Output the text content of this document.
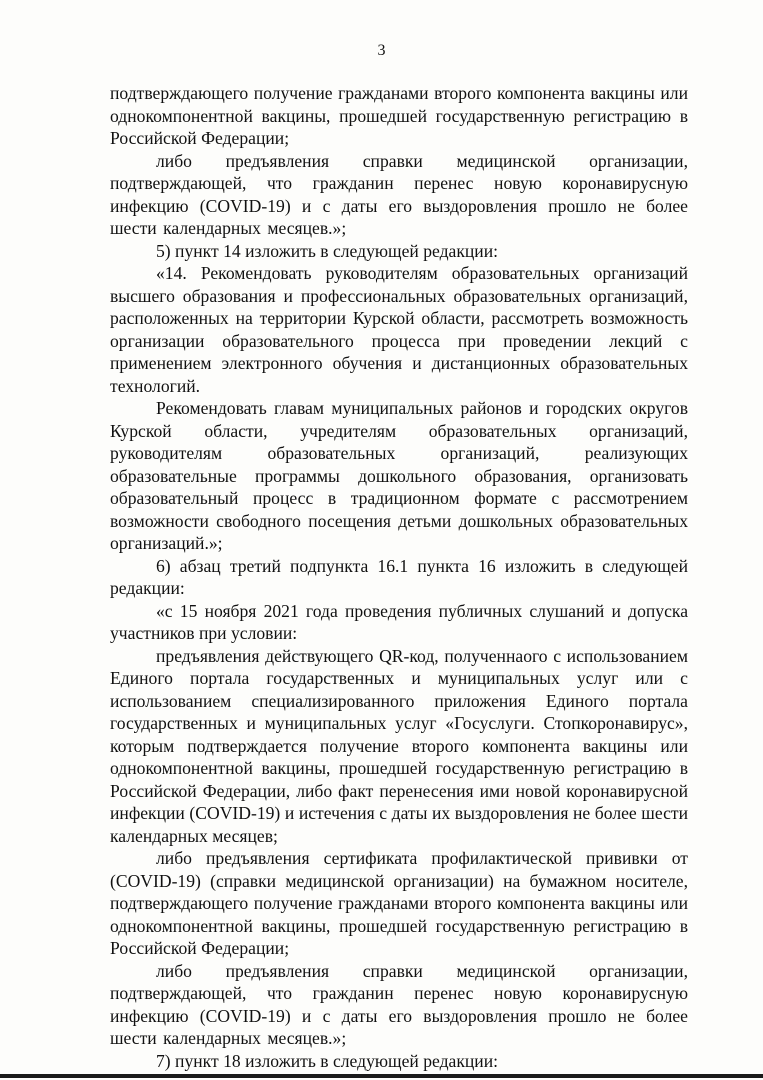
3

подтверждающего получение гражданами второго компонента вакцины или однокомпонентной вакцины, прошедшей государственную регистрацию в Российской Федерации;

либо предъявления справки медицинской организации, подтверждающей, что гражданин перенес новую коронавирусную инфекцию (COVID-19) и с даты его выздоровления прошло не более шести календарных месяцев.»;

5) пункт 14 изложить в следующей редакции:

«14. Рекомендовать руководителям образовательных организаций высшего образования и профессиональных образовательных организаций, расположенных на территории Курской области, рассмотреть возможность организации образовательного процесса при проведении лекций с применением электронного обучения и дистанционных образовательных технологий.

Рекомендовать главам муниципальных районов и городских округов Курской области, учредителям образовательных организаций, руководителям образовательных организаций, реализующих образовательные программы дошкольного образования, организовать образовательный процесс в традиционном формате с рассмотрением возможности свободного посещения детьми дошкольных образовательных организаций.»;

6) абзац третий подпункта 16.1 пункта 16 изложить в следующей редакции:

«с 15 ноября 2021 года проведения публичных слушаний и допуска участников при условии:

предъявления действующего QR-код, полученнаого с использованием Единого портала государственных и муниципальных услуг или с использованием специализированного приложения Единого портала государственных и муниципальных услуг «Госуслуги. Стопкоронавирус», которым подтверждается получение второго компонента вакцины или однокомпонентной вакцины, прошедшей государственную регистрацию в Российской Федерации, либо факт перенесения ими новой коронавирусной инфекции (COVID-19) и истечения с даты их выздоровления не более шести календарных месяцев;

либо предъявления сертификата профилактической прививки от (COVID-19) (справки медицинской организации) на бумажном носителе, подтверждающего получение гражданами второго компонента вакцины или однокомпонентной вакцины, прошедшей государственную регистрацию в Российской Федерации;

либо предъявления справки медицинской организации, подтверждающей, что гражданин перенес новую коронавирусную инфекцию (COVID-19) и с даты его выздоровления прошло не более шести календарных месяцев.»;

7) пункт 18 изложить в следующей редакции:
